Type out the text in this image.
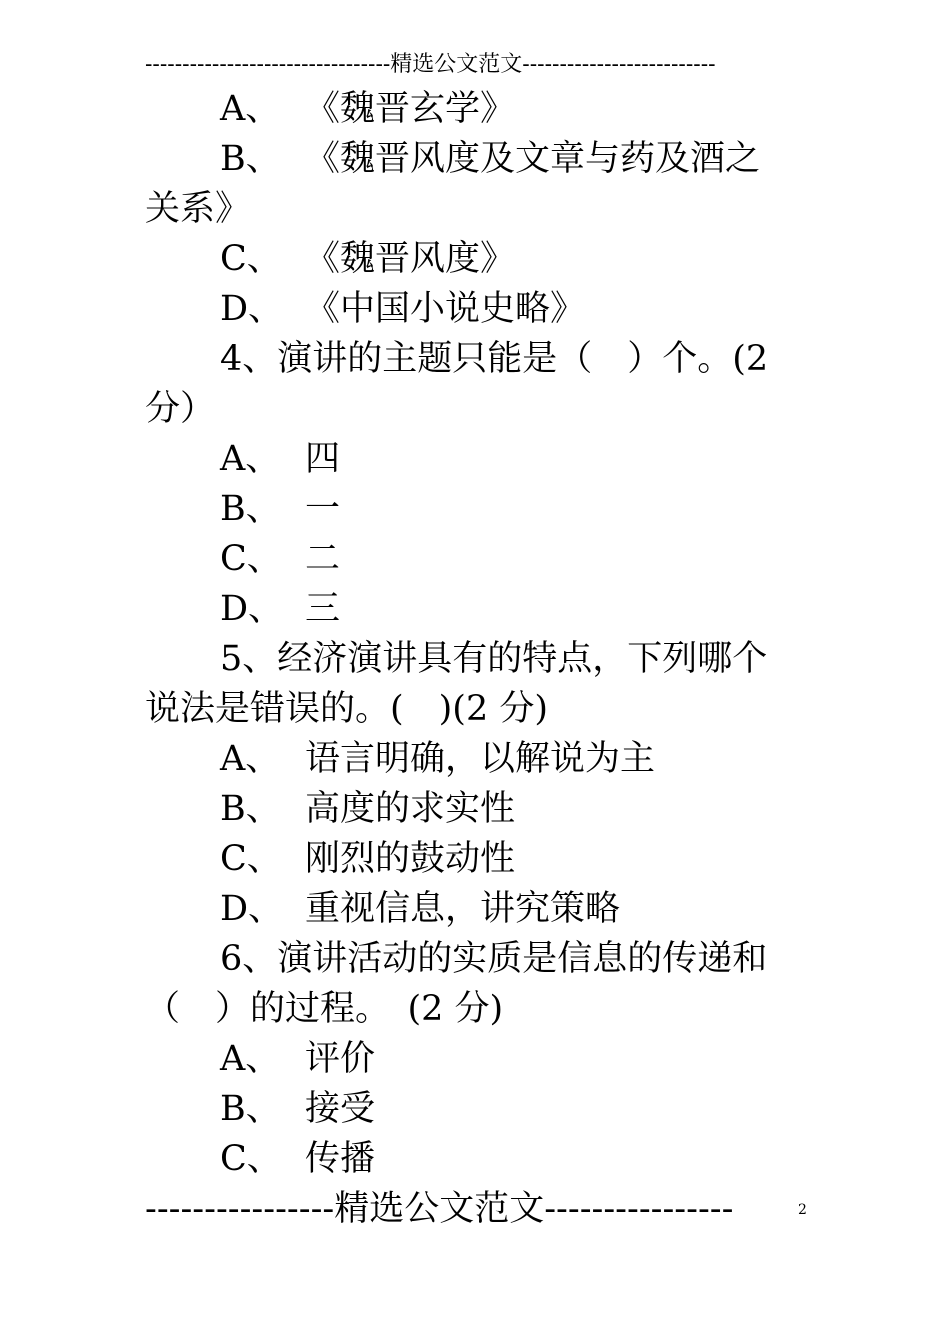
---------------------------------精选公文范文--------------------------
A、 《魏晋玄学》
B、 《魏晋风度及文章与药及酒之
关系》
C、 《魏晋风度》
D、 《中国小说史略》
4、演讲的主题只能是（　）个。(2
分）
A、 四
B、 一
C、 二
D、 三
5、经济演讲具有的特点，下列哪个
说法是错误的。(　)(2 分)
A、 语言明确，以解说为主
B、 高度的求实性
C、 刚烈的鼓动性
D、 重视信息，讲究策略
6、演讲活动的实质是信息的传递和
（　）的过程。　(2 分)
A、 评价
B、 接受
C、 传播
----------------精选公文范文----------------	2
